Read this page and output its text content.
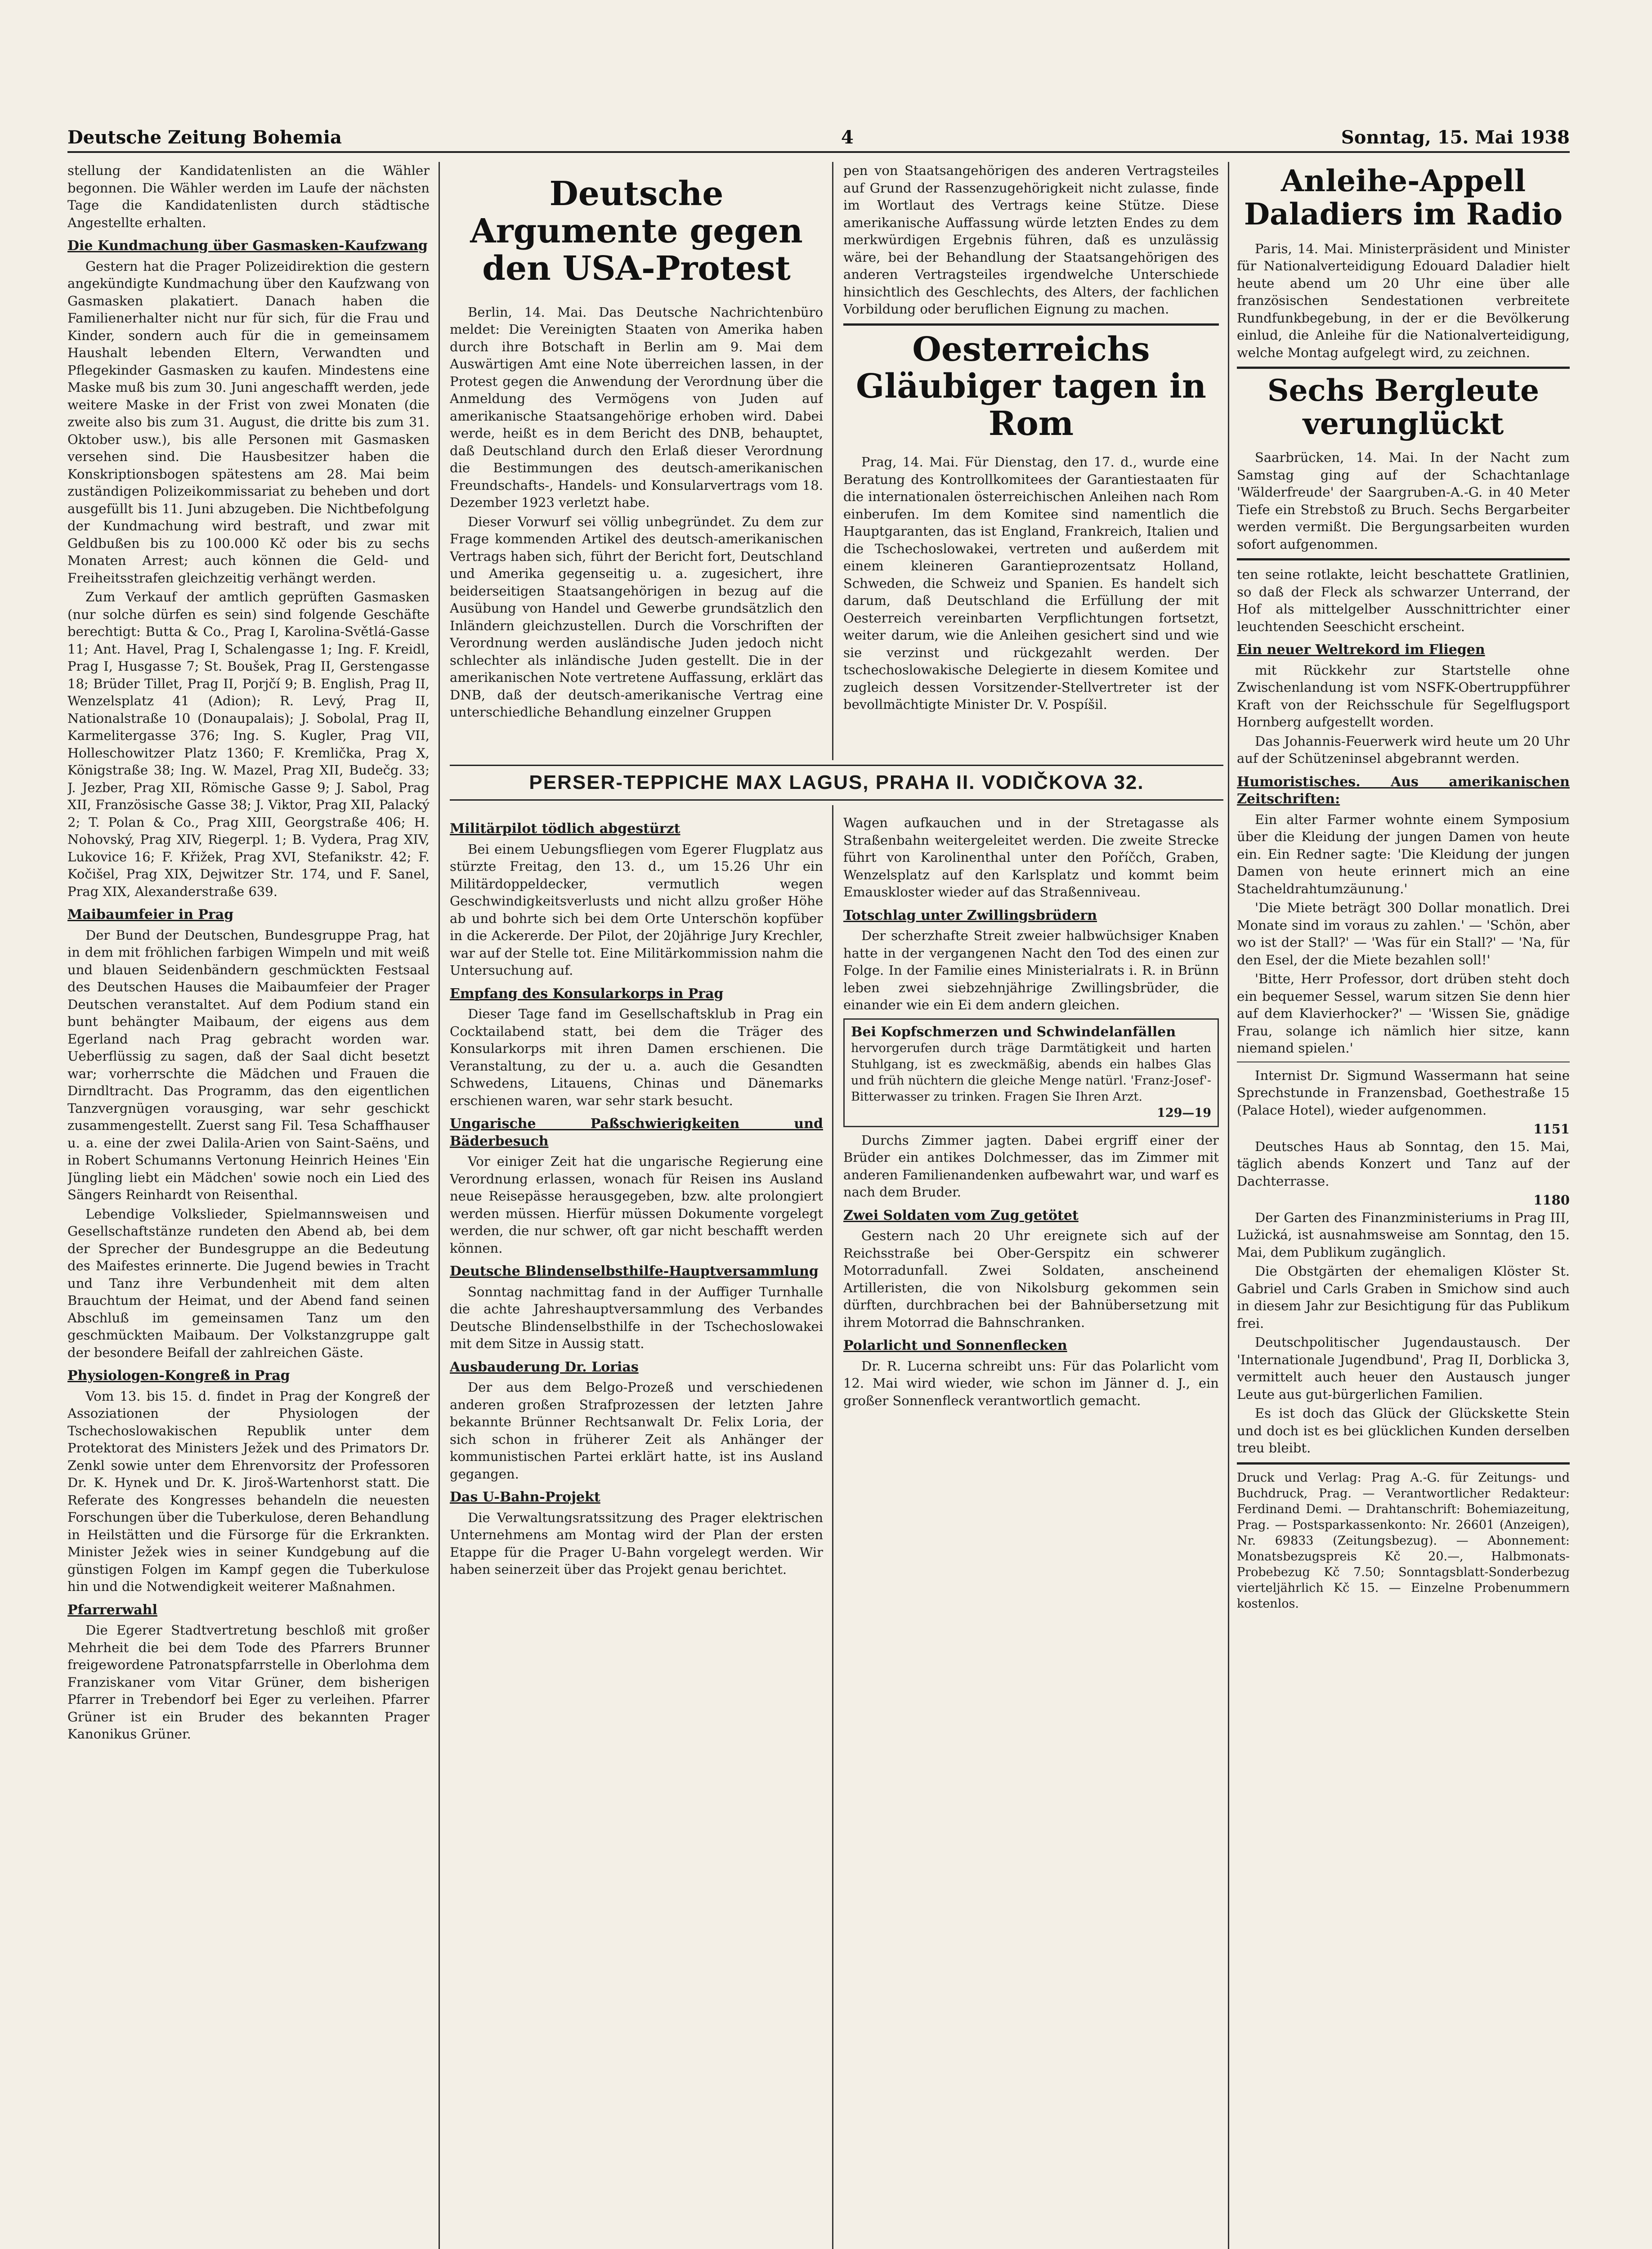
Deutsche Zeitung Bohemia	4	Sonntag, 15. Mai 1938

stellung der Kandidatenlisten an die Wähler begonnen. Die Wähler werden im Laufe der nächsten Tage die Kandidatenlisten durch städtische Angestellte erhalten.

Die Kundmachung über Gasmasken-Kaufzwang

Gestern hat die Prager Polizeidirektion die gestern angekündigte Kundmachung über den Kaufzwang von Gasmasken plakatiert. Danach haben die Familienerhalter nicht nur für sich, für die Frau und Kinder, sondern auch für die in gemeinsamem Haushalt lebenden Eltern, Verwandten und Pflegekinder Gasmasken zu kaufen. Mindestens eine Maske muß bis zum 30. Juni angeschafft werden, jede weitere Maske in der Frist von zwei Monaten (die zweite also bis zum 31. August, die dritte bis zum 31. Oktober usw.), bis alle Personen mit Gasmasken versehen sind. Die Hausbesitzer haben die Konskriptionsbogen spätestens am 28. Mai beim zuständigen Polizeikommissariat zu beheben und dort ausgefüllt bis 11. Juni abzugeben. Die Nichtbefolgung der Kundmachung wird bestraft, und zwar mit Geldbußen bis zu 100.000 Kč oder bis zu sechs Monaten Arrest; auch können die Geld- und Freiheitsstrafen gleichzeitig verhängt werden.

Zum Verkauf der amtlich geprüften Gasmasken (nur solche dürfen es sein) sind folgende Geschäfte berechtigt: Butta & Co., Prag I, Karolina-Světlá-Gasse 11; Ant. Havel, Prag I, Schalengasse 1; Ing. F. Kreidl, Prag I, Husgasse 7; St. Boušek, Prag II, Gerstengasse 18; Brüder Tillet, Prag II, Porjčí 9; B. English, Prag II, Wenzelsplatz 41 (Adion); R. Levý, Prag II, Nationalstraße 10 (Donaupalais); J. Sobolal, Prag II, Karmelitergasse 376; Ing. S. Kugler, Prag VII, Holleschowitzer Platz 1360; F. Kremlička, Prag X, Königstraße 38; Ing. W. Mazel, Prag XII, Budečg. 33; J. Jezber, Prag XII, Römische Gasse 9; J. Sabol, Prag XII, Französische Gasse 38; J. Viktor, Prag XII, Palacký 2; T. Polan & Co., Prag XIII, Georgstraße 406; H. Nohovský, Prag XIV, Riegerpl. 1; B. Vydera, Prag XIV, Lukovice 16; F. Křižek, Prag XVI, Stefanikstr. 42; F. Kočišel, Prag XIX, Dejwitzer Str. 174, und F. Sanel, Prag XIX, Alexanderstraße 639.

Maibaumfeier in Prag

Der Bund der Deutschen, Bundesgruppe Prag, hat in dem mit fröhlichen farbigen Wimpeln und mit weiß und blauen Seidenbändern geschmückten Festsaal des Deutschen Hauses die Maibaumfeier der Prager Deutschen veranstaltet. Auf dem Podium stand ein bunt behängter Maibaum, der eigens aus dem Egerland nach Prag gebracht worden war. Ueberflüssig zu sagen, daß der Saal dicht besetzt war; vorherrschte die Mädchen und Frauen die Dirndltracht. Das Programm, das den eigentlichen Tanzvergnügen vorausging, war sehr geschickt zusammengestellt. Zuerst sang Fil. Tesa Schaffhauser u. a. eine der zwei Dalila-Arien von Saint-Saëns, und in Robert Schumanns Vertonung Heinrich Heines 'Ein Jüngling liebt ein Mädchen' sowie noch ein Lied des Sängers Reinhardt von Reisenthal.

Lebendige Volkslieder, Spielmannsweisen und Gesellschaftstänze rundeten den Abend ab, bei dem der Sprecher der Bundesgruppe an die Bedeutung des Maifestes erinnerte. Die Jugend bewies in Tracht und Tanz ihre Verbundenheit mit dem alten Brauchtum der Heimat, und der Abend fand seinen Abschluß im gemeinsamen Tanz um den geschmückten Maibaum. Der Volkstanzgruppe galt der besondere Beifall der zahlreichen Gäste.

Physiologen-Kongreß in Prag

Vom 13. bis 15. d. findet in Prag der Kongreß der Assoziationen der Physiologen der Tschechoslowakischen Republik unter dem Protektorat des Ministers Ježek und des Primators Dr. Zenkl sowie unter dem Ehrenvorsitz der Professoren Dr. K. Hynek und Dr. K. Jiroš-Wartenhorst statt. Die Referate des Kongresses behandeln die neuesten Forschungen über die Tuberkulose, deren Behandlung in Heilstätten und die Fürsorge für die Erkrankten. Minister Ježek wies in seiner Kundgebung auf die günstigen Folgen im Kampf gegen die Tuberkulose hin und die Notwendigkeit weiterer Maßnahmen.

Pfarrerwahl

Die Egerer Stadtvertretung beschloß mit großer Mehrheit die bei dem Tode des Pfarrers Brunner freigewordene Patronatspfarrstelle in Oberlohma dem Franziskaner vom Vitar Grüner, dem bisherigen Pfarrer in Trebendorf bei Eger zu verleihen. Pfarrer Grüner ist ein Bruder des bekannten Prager Kanonikus Grüner.

Deutsche Argumente gegen den USA-Protest

Berlin, 14. Mai. Das Deutsche Nachrichtenbüro meldet: Die Vereinigten Staaten von Amerika haben durch ihre Botschaft in Berlin am 9. Mai dem Auswärtigen Amt eine Note überreichen lassen, in der Protest gegen die Anwendung der Verordnung über die Anmeldung des Vermögens von Juden auf amerikanische Staatsangehörige erhoben wird. Dabei werde, heißt es in dem Bericht des DNB, behauptet, daß Deutschland durch den Erlaß dieser Verordnung die Bestimmungen des deutsch-amerikanischen Freundschafts-, Handels- und Konsularvertrags vom 18. Dezember 1923 verletzt habe.

Dieser Vorwurf sei völlig unbegründet. Zu dem zur Frage kommenden Artikel des deutsch-amerikanischen Vertrags haben sich, führt der Bericht fort, Deutschland und Amerika gegenseitig u. a. zugesichert, ihre beiderseitigen Staatsangehörigen in bezug auf die Ausübung von Handel und Gewerbe grundsätzlich den Inländern gleichzustellen. Durch die Vorschriften der Verordnung werden ausländische Juden jedoch nicht schlechter als inländische Juden gestellt. Die in der amerikanischen Note vertretene Auffassung, erklärt das DNB, daß der deutsch-amerikanische Vertrag eine unterschiedliche Behandlung einzelner Gruppen

pen von Staatsangehörigen des anderen Vertragsteiles auf Grund der Rassenzugehörigkeit nicht zulasse, finde im Wortlaut des Vertrags keine Stütze. Diese amerikanische Auffassung würde letzten Endes zu dem merkwürdigen Ergebnis führen, daß es unzulässig wäre, bei der Behandlung der Staatsangehörigen des anderen Vertragsteiles irgendwelche Unterschiede hinsichtlich des Geschlechts, des Alters, der fachlichen Vorbildung oder beruflichen Eignung zu machen.

Oesterreichs Gläubiger tagen in Rom

Prag, 14. Mai. Für Dienstag, den 17. d., wurde eine Beratung des Kontrollkomitees der Garantiestaaten für die internationalen österreichischen Anleihen nach Rom einberufen. Im dem Komitee sind namentlich die Hauptgaranten, das ist England, Frankreich, Italien und die Tschechoslowakei, vertreten und außerdem mit einem kleineren Garantieprozentsatz Holland, Schweden, die Schweiz und Spanien. Es handelt sich darum, daß Deutschland die Erfüllung der mit Oesterreich vereinbarten Verpflichtungen fortsetzt, weiter darum, wie die Anleihen gesichert sind und wie sie verzinst und rückgezahlt werden. Der tschechoslowakische Delegierte in diesem Komitee und zugleich dessen Vorsitzender-Stellvertreter ist der bevollmächtigte Minister Dr. V. Pospíšil.

PERSER-TEPPICHE MAX LAGUS, PRAHA II. VODIČKOVA 32.
Militärpilot tödlich abgestürzt

Bei einem Uebungsfliegen vom Egerer Flugplatz aus stürzte Freitag, den 13. d., um 15.26 Uhr ein Militärdoppeldecker, vermutlich wegen Geschwindigkeitsverlusts und nicht allzu großer Höhe ab und bohrte sich bei dem Orte Unterschön kopfüber in die Ackererde. Der Pilot, der 20jährige Jury Krechler, war auf der Stelle tot. Eine Militärkommission nahm die Untersuchung auf.

Empfang des Konsularkorps in Prag

Dieser Tage fand im Gesellschaftsklub in Prag ein Cocktailabend statt, bei dem die Träger des Konsularkorps mit ihren Damen erschienen. Die Veranstaltung, zu der u. a. auch die Gesandten Schwedens, Litauens, Chinas und Dänemarks erschienen waren, war sehr stark besucht.

Ungarische Paßschwierigkeiten und Bäderbesuch

Vor einiger Zeit hat die ungarische Regierung eine Verordnung erlassen, wonach für Reisen ins Ausland neue Reisepässe herausgegeben, bzw. alte prolongiert werden müssen. Hierfür müssen Dokumente vorgelegt werden, die nur schwer, oft gar nicht beschafft werden können.

Deutsche Blindenselbsthilfe-Hauptversammlung

Sonntag nachmittag fand in der Auffiger Turnhalle die achte Jahreshauptversammlung des Verbandes Deutsche Blindenselbsthilfe in der Tschechoslowakei mit dem Sitze in Aussig statt.

Ausbauderung Dr. Lorias

Der aus dem Belgo-Prozeß und verschiedenen anderen großen Strafprozessen der letzten Jahre bekannte Brünner Rechtsanwalt Dr. Felix Loria, der sich schon in früherer Zeit als Anhänger der kommunistischen Partei erklärt hatte, ist ins Ausland gegangen.

Das U-Bahn-Projekt

Die Verwaltungsratssitzung des Prager elektrischen Unternehmens am Montag wird der Plan der ersten Etappe für die Prager U-Bahn vorgelegt werden. Wir haben seinerzeit über das Projekt genau berichtet.

Wagen aufkauchen und in der Stretagasse als Straßenbahn weitergeleitet werden. Die zweite Strecke führt von Karolinenthal unter den Poříčch, Graben, Wenzelsplatz auf den Karlsplatz und kommt beim Emauskloster wieder auf das Straßenniveau.

Totschlag unter Zwillingsbrüdern

Der scherzhafte Streit zweier halbwüchsiger Knaben hatte in der vergangenen Nacht den Tod des einen zur Folge. In der Familie eines Ministerialrats i. R. in Brünn leben zwei siebzehnjährige Zwillingsbrüder, die einander wie ein Ei dem andern gleichen.

Bei Kopfschmerzen und Schwindelanfällen
hervorgerufen durch träge Darmtätigkeit und harten Stuhlgang, ist es zweckmäßig, abends ein halbes Glas und früh nüchtern die gleiche Menge natürl. 'Franz-Josef'-Bitterwasser zu trinken. Fragen Sie Ihren Arzt.
129—19

Durchs Zimmer jagten. Dabei ergriff einer der Brüder ein antikes Dolchmesser, das im Zimmer mit anderen Familienandenken aufbewahrt war, und warf es nach dem Bruder.

Zwei Soldaten vom Zug getötet

Gestern nach 20 Uhr ereignete sich auf der Reichsstraße bei Ober-Gerspitz ein schwerer Motorradunfall. Zwei Soldaten, anscheinend Artilleristen, die von Nikolsburg gekommen sein dürften, durchbrachen bei der Bahnübersetzung mit ihrem Motorrad die Bahnschranken.

Polarlicht und Sonnenflecken

Dr. R. Lucerna schreibt uns: Für das Polarlicht vom 12. Mai wird wieder, wie schon im Jänner d. J., ein großer Sonnenfleck verantwortlich gemacht.

Anleihe-Appell Daladiers im Radio

Paris, 14. Mai. Ministerpräsident und Minister für Nationalverteidigung Edouard Daladier hielt heute abend um 20 Uhr eine über alle französischen Sendestationen verbreitete Rundfunkbegebung, in der er die Bevölkerung einlud, die Anleihe für die Nationalverteidigung, welche Montag aufgelegt wird, zu zeichnen.

Sechs Bergleute verunglückt

Saarbrücken, 14. Mai. In der Nacht zum Samstag ging auf der Schachtanlage 'Wälderfreude' der Saargruben-A.-G. in 40 Meter Tiefe ein Strebstoß zu Bruch. Sechs Bergarbeiter werden vermißt. Die Bergungsarbeiten wurden sofort aufgenommen.

ten seine rotlakte, leicht beschattete Gratlinien, so daß der Fleck als schwarzer Unterrand, der Hof als mittelgelber Ausschnittrichter einer leuchtenden Seeschicht erscheint.

Ein neuer Weltrekord im Fliegen

mit Rückkehr zur Startstelle ohne Zwischenlandung ist vom NSFK-Obertruppführer Kraft von der Reichsschule für Segelflugsport Hornberg aufgestellt worden.

Das Johannis-Feuerwerk wird heute um 20 Uhr auf der Schützeninsel abgebrannt werden.

Humoristisches. Aus amerikanischen Zeitschriften:

Ein alter Farmer wohnte einem Symposium über die Kleidung der jungen Damen von heute ein. Ein Redner sagte: 'Die Kleidung der jungen Damen von heute erinnert mich an eine Stacheldrahtumzäunung.'

'Die Miete beträgt 300 Dollar monatlich. Drei Monate sind im voraus zu zahlen.' — 'Schön, aber wo ist der Stall?' — 'Was für ein Stall?' — 'Na, für den Esel, der die Miete bezahlen soll!'

'Bitte, Herr Professor, dort drüben steht doch ein bequemer Sessel, warum sitzen Sie denn hier auf dem Klavierhocker?' — 'Wissen Sie, gnädige Frau, solange ich nämlich hier sitze, kann niemand spielen.'

Internist Dr. Sigmund Wassermann hat seine Sprechstunde in Franzensbad, Goethestraße 15 (Palace Hotel), wieder aufgenommen.

1151

Deutsches Haus ab Sonntag, den 15. Mai, täglich abends Konzert und Tanz auf der Dachterrasse.

1180

Der Garten des Finanzministeriums in Prag III, Lužická, ist ausnahmsweise am Sonntag, den 15. Mai, dem Publikum zugänglich.

Die Obstgärten der ehemaligen Klöster St. Gabriel und Carls Graben in Smichow sind auch in diesem Jahr zur Besichtigung für das Publikum frei.

Deutschpolitischer Jugendaustausch. Der 'Internationale Jugendbund', Prag II, Dorblicka 3, vermittelt auch heuer den Austausch junger Leute aus gut-bürgerlichen Familien.

Es ist doch das Glück der Glückskette Stein und doch ist es bei glücklichen Kunden derselben treu bleibt.

Druck und Verlag: Prag A.-G. für Zeitungs- und Buchdruck, Prag. — Verantwortlicher Redakteur: Ferdinand Demi. — Drahtanschrift: Bohemiazeitung, Prag. — Postsparkassenkonto: Nr. 26601 (Anzeigen), Nr. 69833 (Zeitungsbezug). — Abonnement: Monatsbezugspreis Kč 20.—, Halbmonats-Probebezug Kč 7.50; Sonntagsblatt-Sonderbezug vierteljährlich Kč 15. — Einzelne Probenummern kostenlos.
